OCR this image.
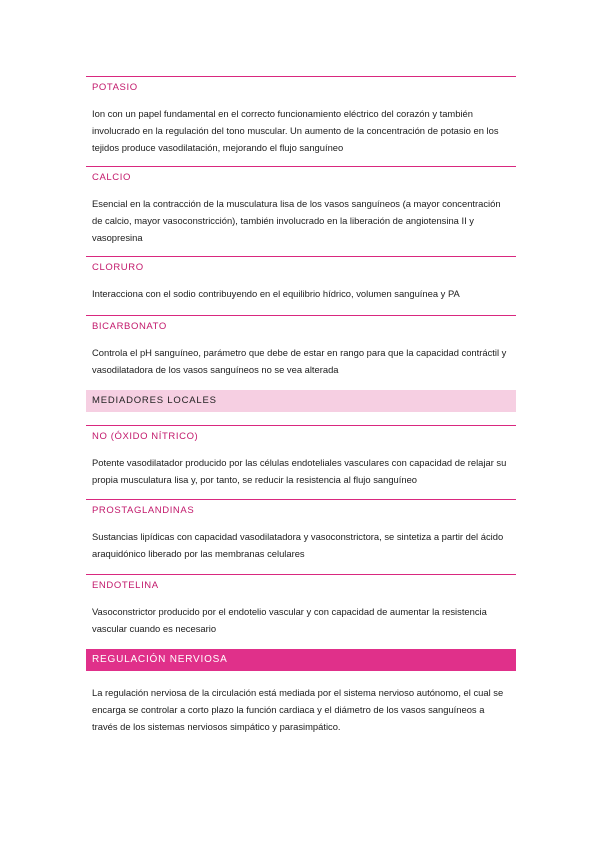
POTASIO
Ion con un papel fundamental en el correcto funcionamiento eléctrico del corazón y también involucrado en la regulación del tono muscular. Un aumento de la concentración de potasio en los tejidos produce vasodilatación, mejorando el flujo sanguíneo
CALCIO
Esencial en la contracción de la musculatura lisa de los vasos sanguíneos (a mayor concentración de calcio, mayor vasoconstricción), también involucrado en la liberación de angiotensina II y vasopresina
CLORURO
Interacciona con el sodio contribuyendo en el equilibrio hídrico, volumen sanguínea y PA
BICARBONATO
Controla el pH sanguíneo, parámetro que debe de estar en rango para que la capacidad contráctil y vasodilatadora de los vasos sanguíneos no se vea alterada
MEDIADORES LOCALES
NO (ÓXIDO NÍTRICO)
Potente vasodilatador producido por las células endoteliales vasculares con capacidad de relajar su propia musculatura lisa y, por tanto, se reducir la resistencia al flujo sanguíneo
PROSTAGLANDINAS
Sustancias lipídicas con capacidad vasodilatadora y vasoconstrictora, se sintetiza a partir del ácido araquidónico liberado por las membranas celulares
ENDOTELINA
Vasoconstrictor producido por el endotelio vascular y con capacidad de aumentar la resistencia vascular cuando es necesario
REGULACIÓN NERVIOSA
La regulación nerviosa de la circulación está mediada por el sistema nervioso autónomo, el cual se encarga se controlar a corto plazo la función cardiaca y el diámetro de los vasos sanguíneos a través de los sistemas nerviosos simpático y parasimpático.
